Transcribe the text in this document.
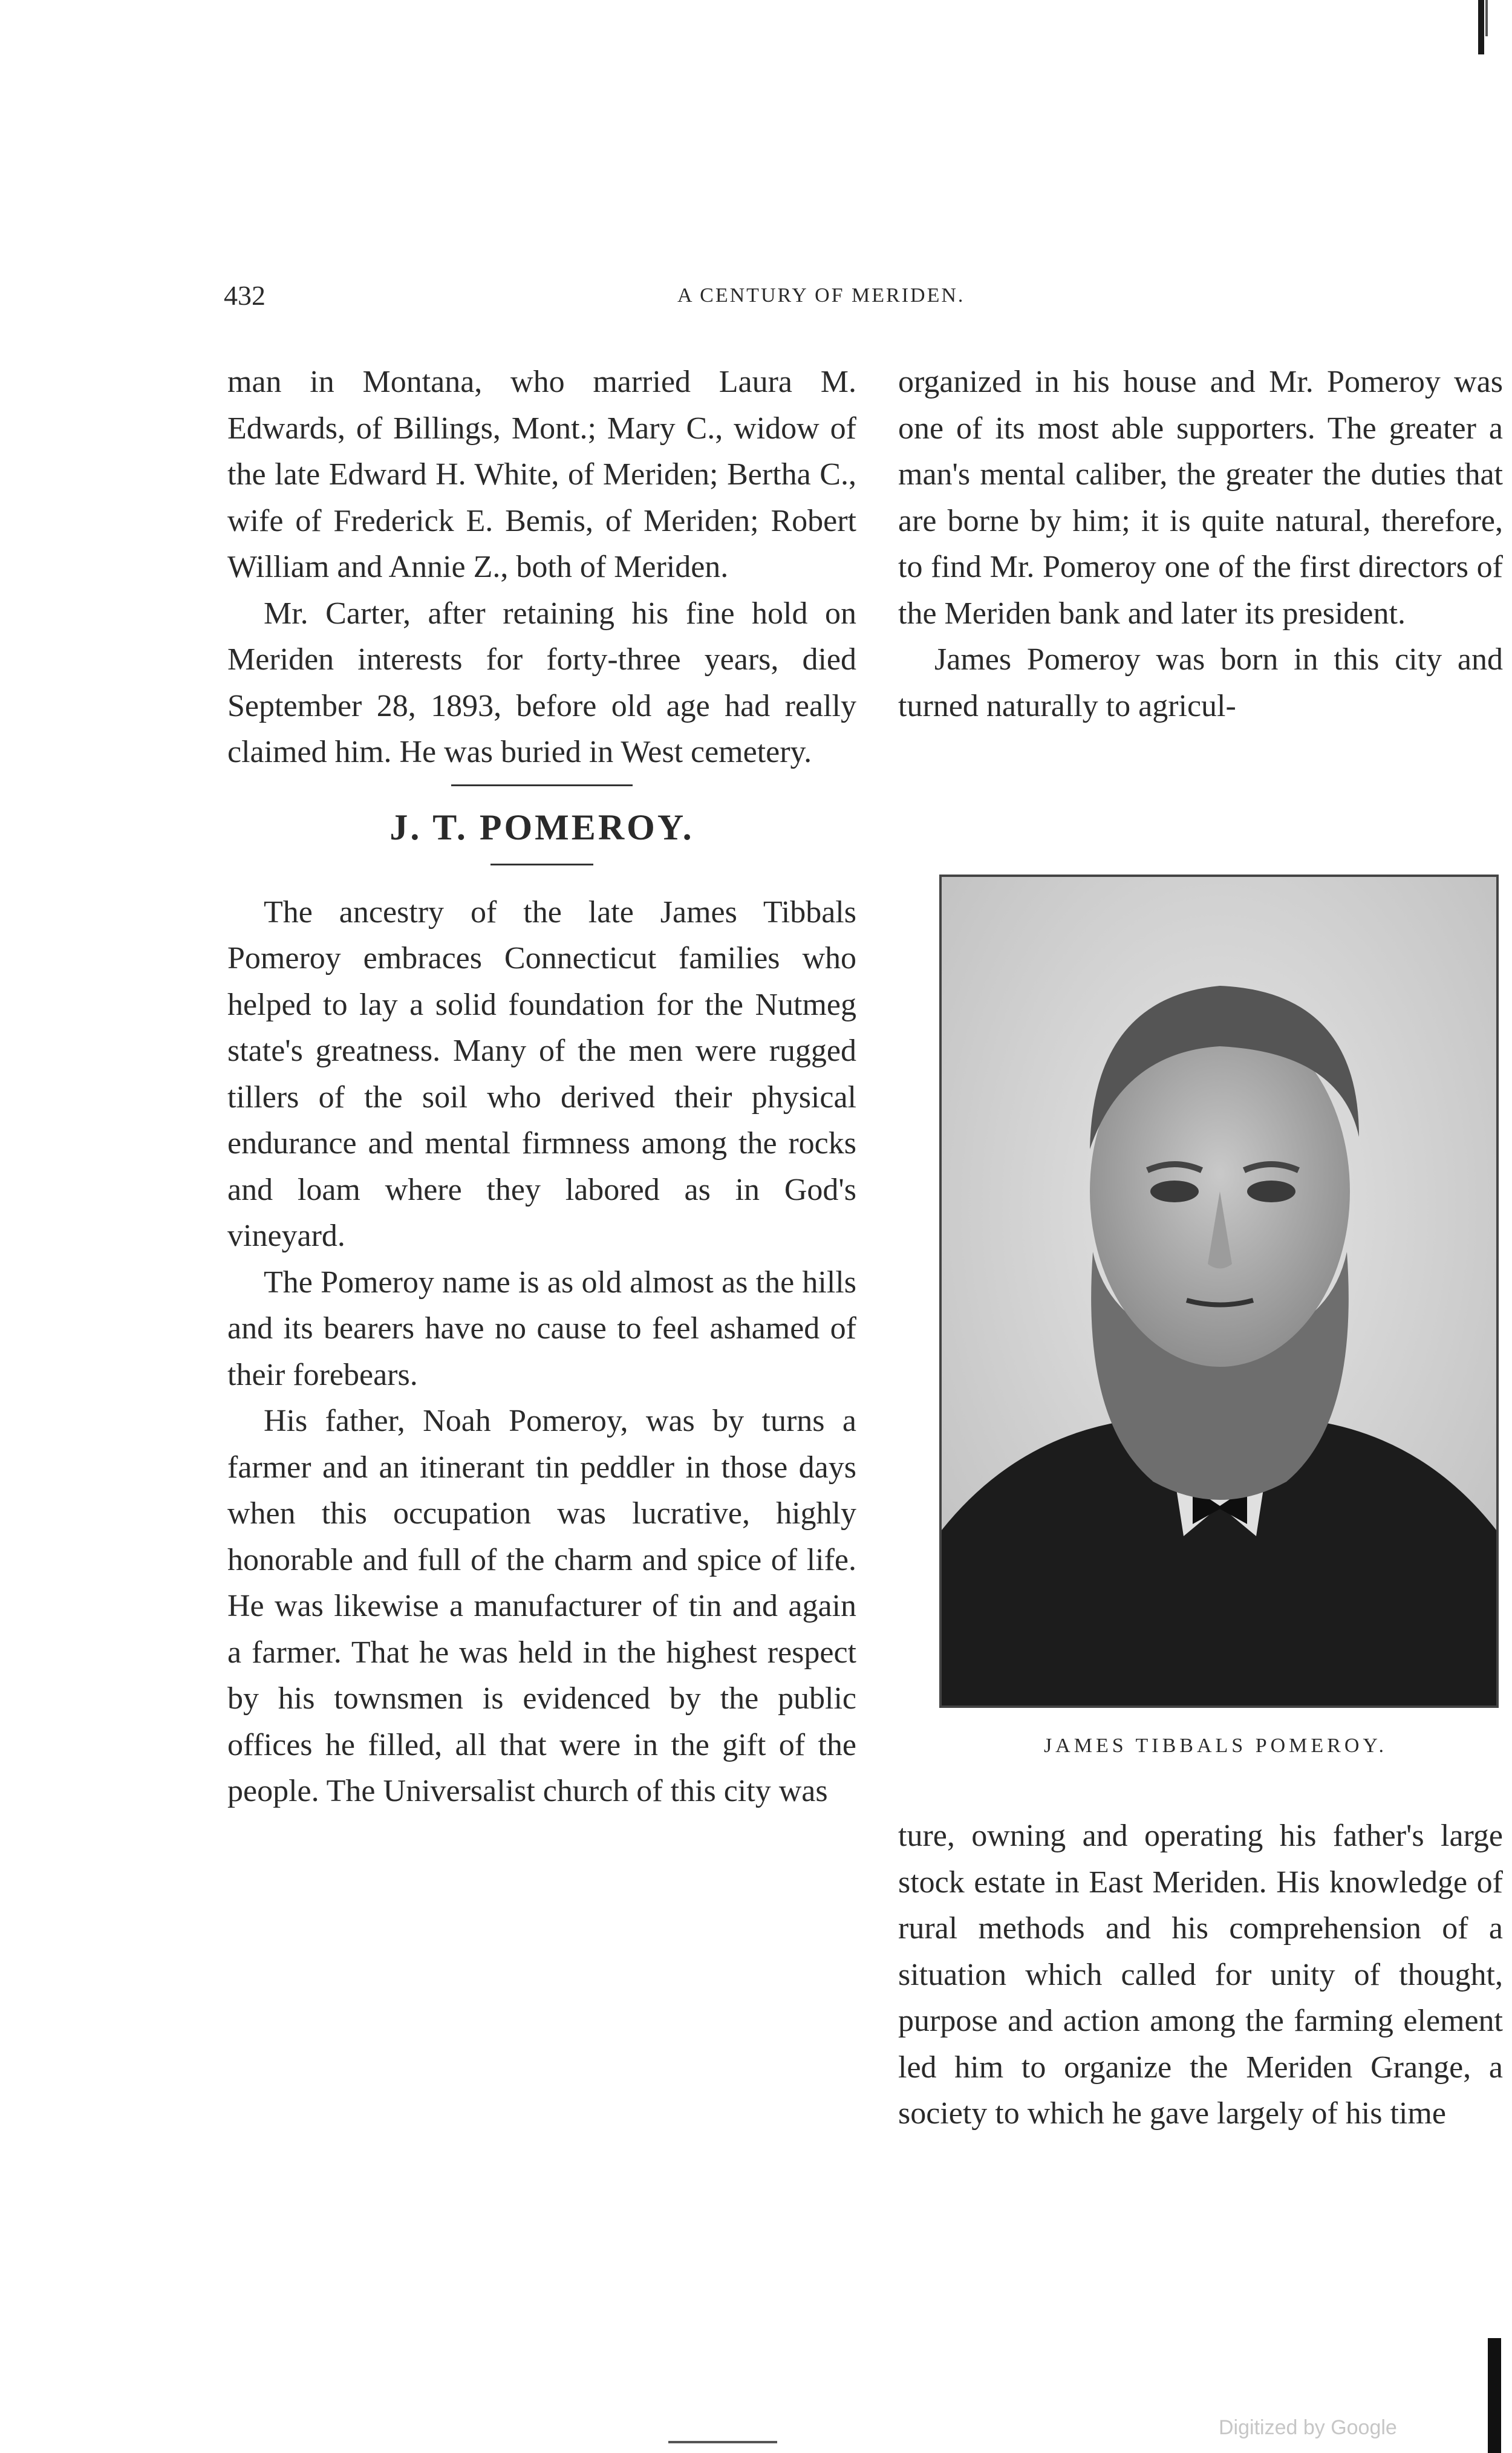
432	A CENTURY OF MERIDEN.

man in Montana, who married Laura M. Edwards, of Billings, Mont.; Mary C., widow of the late Edward H. White, of Meriden; Bertha C., wife of Frederick E. Bemis, of Meriden; Robert William and Annie Z., both of Meriden.

Mr. Carter, after retaining his fine hold on Meriden interests for forty-three years, died September 28, 1893, before old age had really claimed him. He was buried in West cemetery.

J. T. POMEROY.

The ancestry of the late James Tibbals Pomeroy embraces Connecticut families who helped to lay a solid foundation for the Nutmeg state's greatness. Many of the men were rugged tillers of the soil who derived their physical endurance and mental firmness among the rocks and loam where they labored as in God's vineyard.

The Pomeroy name is as old almost as the hills and its bearers have no cause to feel ashamed of their forebears.

His father, Noah Pomeroy, was by turns a farmer and an itinerant tin peddler in those days when this occupation was lucrative, highly honorable and full of the charm and spice of life. He was likewise a manufacturer of tin and again a farmer. That he was held in the highest respect by his townsmen is evidenced by the public offices he filled, all that were in the gift of the people. The Universalist church of this city was

organized in his house and Mr. Pomeroy was one of its most able supporters. The greater a man's mental caliber, the greater the duties that are borne by him; it is quite natural, therefore, to find Mr. Pomeroy one of the first directors of the Meriden bank and later its president.

James Pomeroy was born in this city and turned naturally to agricul-

JAMES TIBBALS POMEROY.

ture, owning and operating his father's large stock estate in East Meriden. His knowledge of rural methods and his comprehension of a situation which called for unity of thought, purpose and action among the farming element led him to organize the Meriden Grange, a society to which he gave largely of his time

Digitized by Google
